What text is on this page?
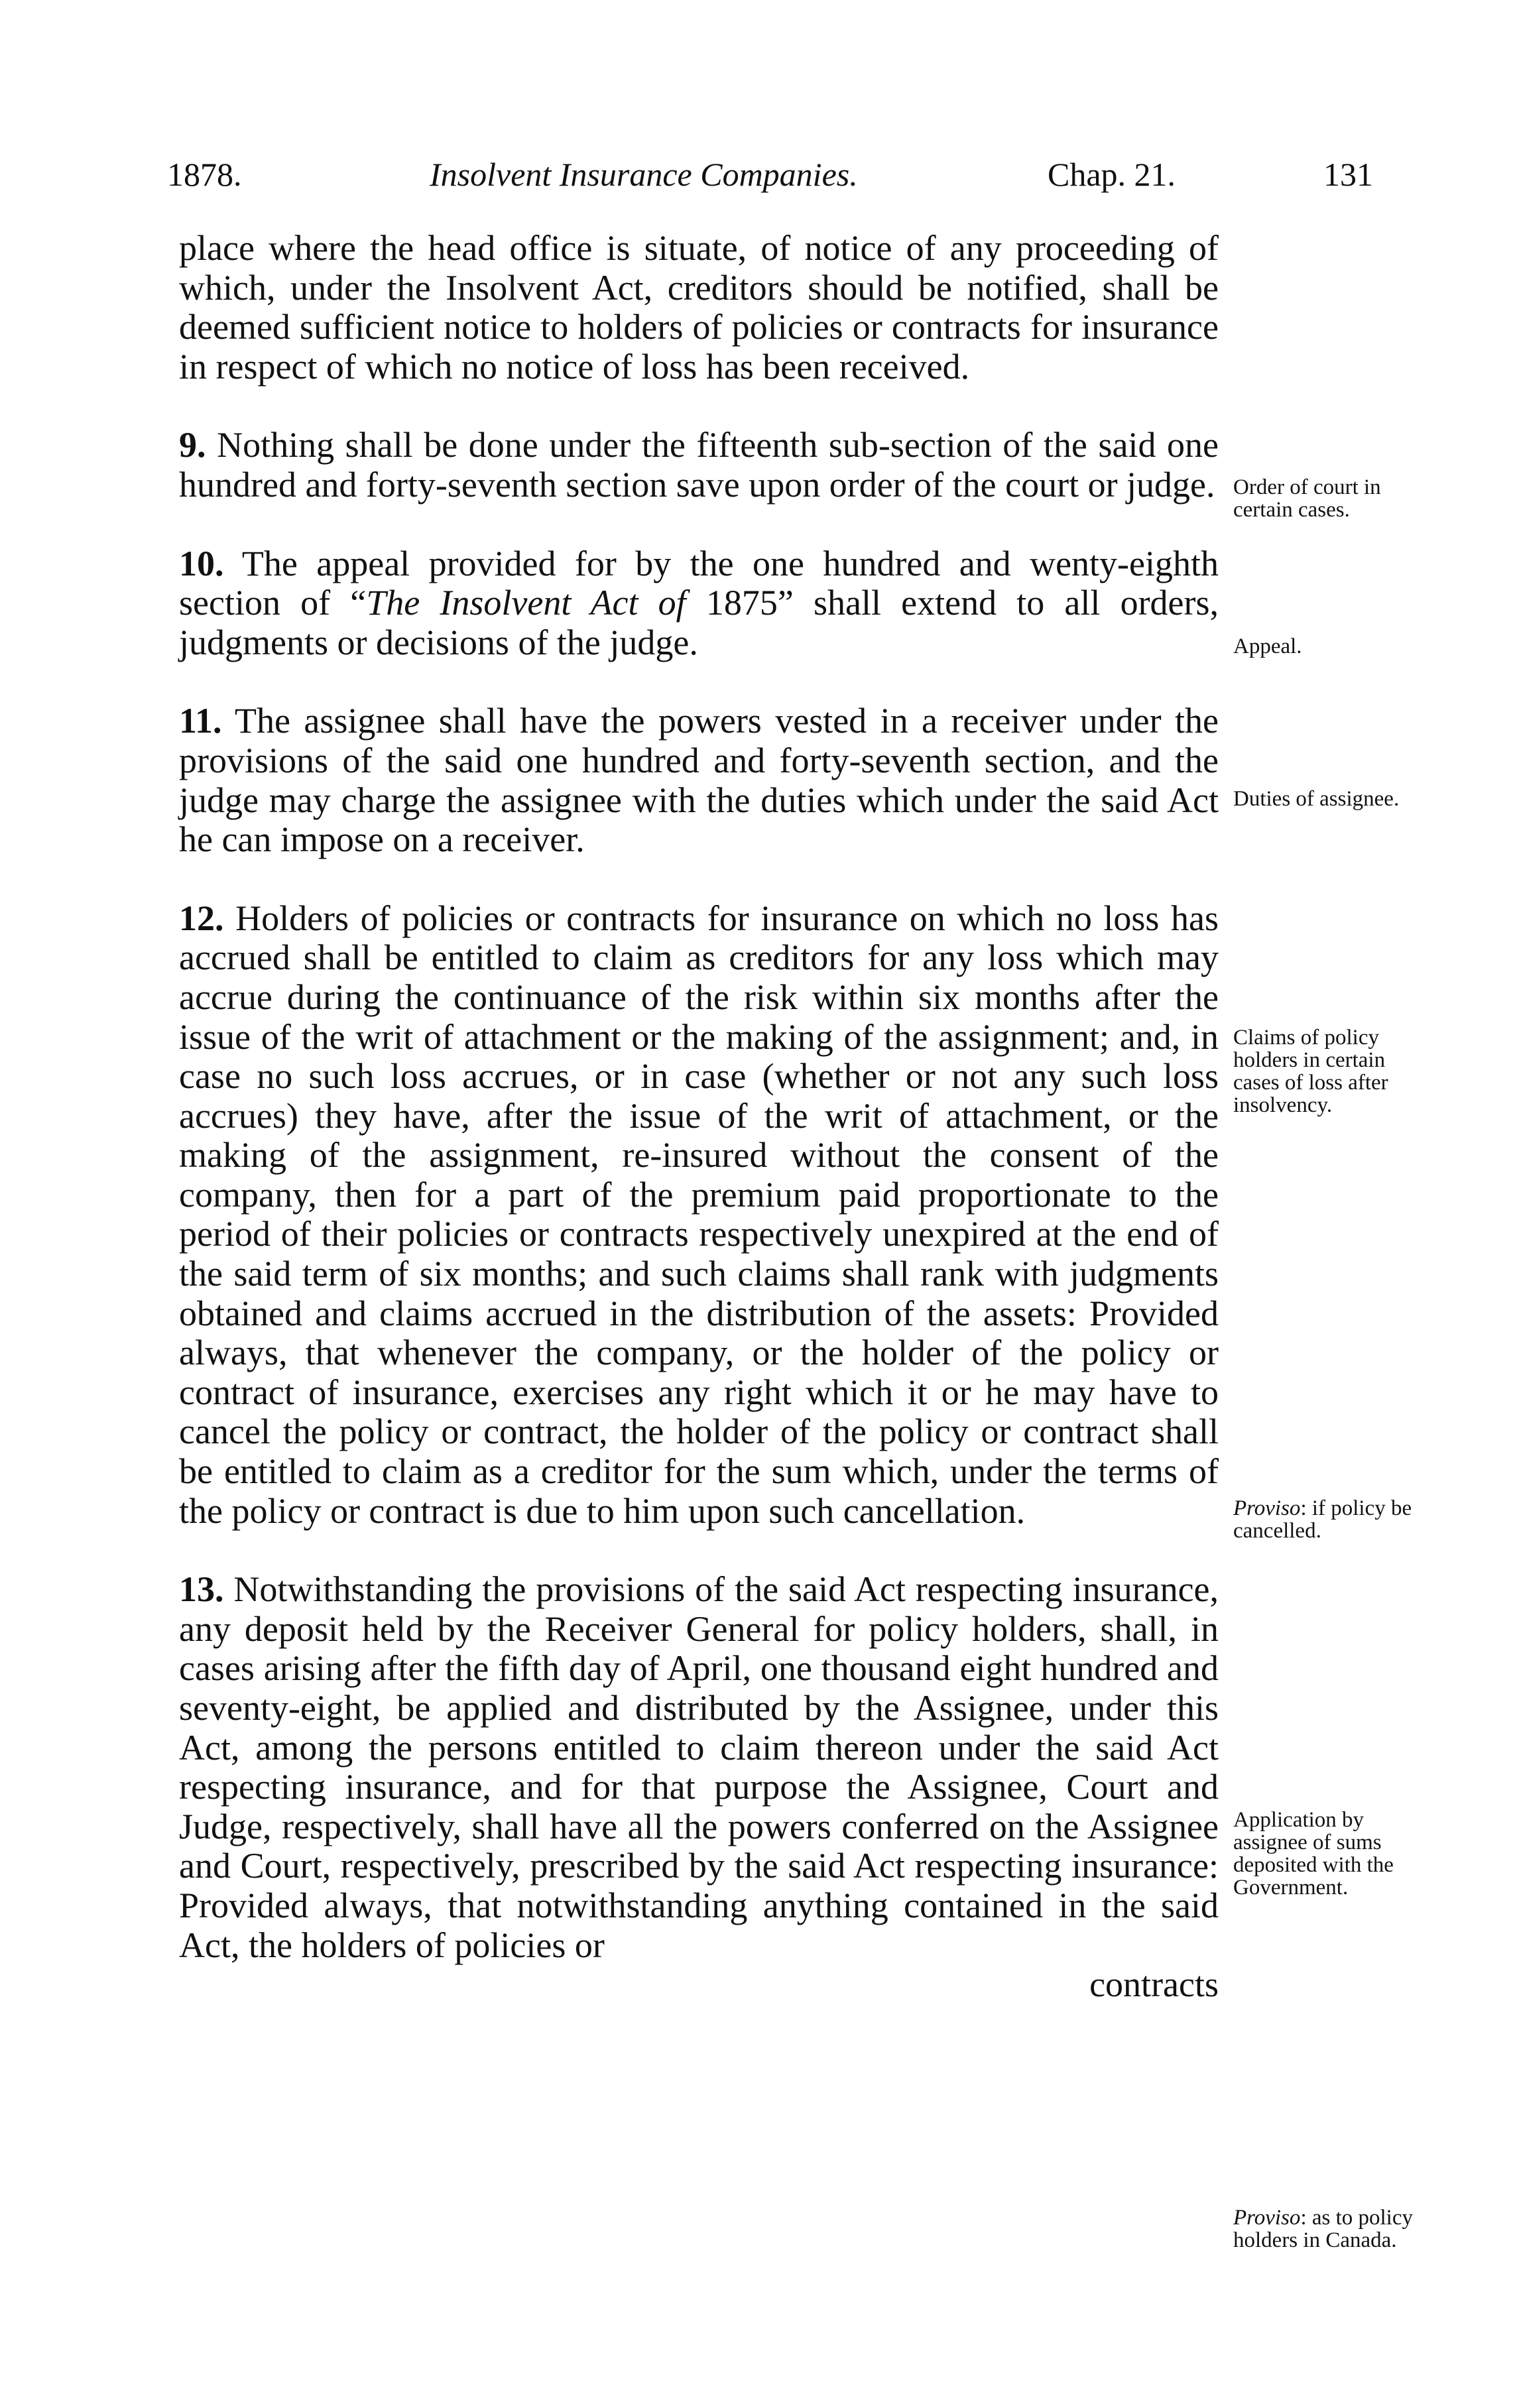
1878.	Insolvent Insurance Companies.	Chap. 21.	131

place where the head office is situate, of notice of any proceeding of which, under the Insolvent Act, creditors should be notified, shall be deemed sufficient notice to holders of policies or contracts for insurance in respect of which no notice of loss has been received.

9. Nothing shall be done under the fifteenth sub-section of the said one hundred and forty-seventh section save upon order of the court or judge.

10. The appeal provided for by the one hundred and wenty-eighth section of “The Insolvent Act of 1875” shall extend to all orders, judgments or decisions of the judge.

11. The assignee shall have the powers vested in a receiver under the provisions of the said one hundred and forty-seventh section, and the judge may charge the assignee with the duties which under the said Act he can impose on a receiver.

12. Holders of policies or contracts for insurance on which no loss has accrued shall be entitled to claim as creditors for any loss which may accrue during the continuance of the risk within six months after the issue of the writ of attachment or the making of the assignment; and, in case no such loss accrues, or in case (whether or not any such loss accrues) they have, after the issue of the writ of attachment, or the making of the assignment, re-insured without the consent of the company, then for a part of the premium paid proportionate to the period of their policies or contracts respectively unexpired at the end of the said term of six months; and such claims shall rank with judgments obtained and claims accrued in the distribution of the assets: Provided always, that whenever the company, or the holder of the policy or contract of insurance, exercises any right which it or he may have to cancel the policy or contract, the holder of the policy or contract shall be entitled to claim as a creditor for the sum which, under the terms of the policy or contract is due to him upon such cancellation.

13. Notwithstanding the provisions of the said Act respecting insurance, any deposit held by the Receiver General for policy holders, shall, in cases arising after the fifth day of April, one thousand eight hundred and seventy-eight, be applied and distributed by the Assignee, under this Act, among the persons entitled to claim thereon under the said Act respecting insurance, and for that purpose the Assignee, Court and Judge, respectively, shall have all the powers conferred on the Assignee and Court, respectively, prescribed by the said Act respecting insurance: Provided always, that notwithstanding anything contained in the said Act, the holders of policies or
contracts

Order of court in certain cases.
Appeal.
Duties of assignee.
Claims of policy holders in certain cases of loss after insolvency.
Proviso: if policy be cancelled.
Application by assignee of sums deposited with the Government.
Proviso: as to policy holders in Canada.
